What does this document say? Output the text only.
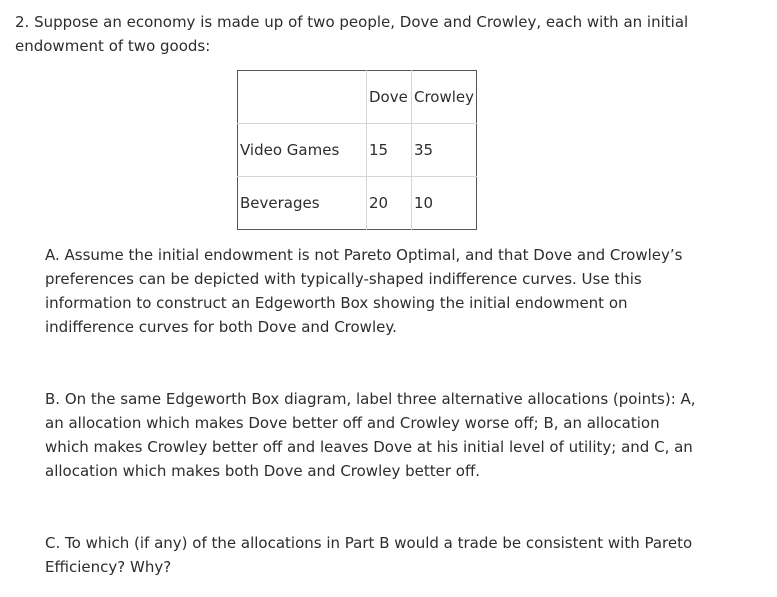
2. Suppose an economy is made up of two people, Dove and Crowley, each with an initial endowment of two goods:

	Dove	Crowley
Video Games	15	35
Beverages	20	10

A. Assume the initial endowment is not Pareto Optimal, and that Dove and Crowley’s preferences can be depicted with typically-shaped indifference curves. Use this information to construct an Edgeworth Box showing the initial endowment on indifference curves for both Dove and Crowley.

B. On the same Edgeworth Box diagram, label three alternative allocations (points): A, an allocation which makes Dove better off and Crowley worse off; B, an allocation which makes Crowley better off and leaves Dove at his initial level of utility; and C, an allocation which makes both Dove and Crowley better off.

C. To which (if any) of the allocations in Part B would a trade be consistent with Pareto Efficiency? Why?
